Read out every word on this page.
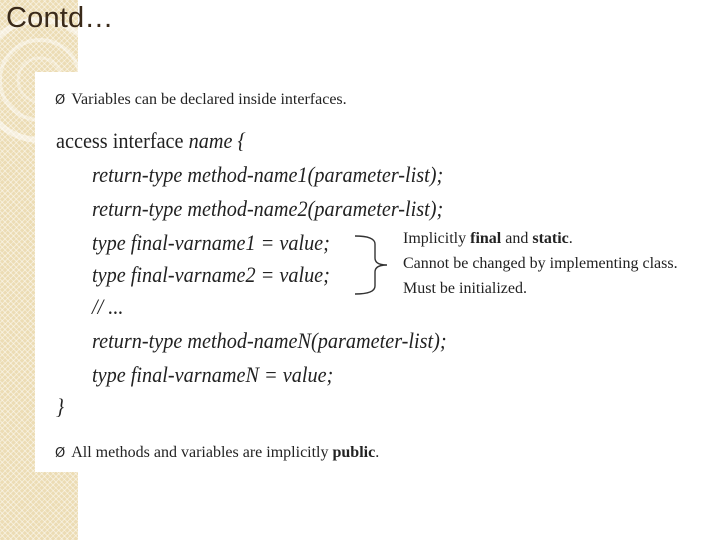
Contd…
Ø Variables can be declared inside interfaces.
access interface name {
return-type method-name1(parameter-list);
return-type method-name2(parameter-list);
type final-varname1 = value;
type final-varname2 = value;
// ...
return-type method-nameN(parameter-list);
type final-varnameN = value;
}
Implicitly final and static.
Cannot be changed by implementing class.
Must be initialized.
Ø All methods and variables are implicitly public.
